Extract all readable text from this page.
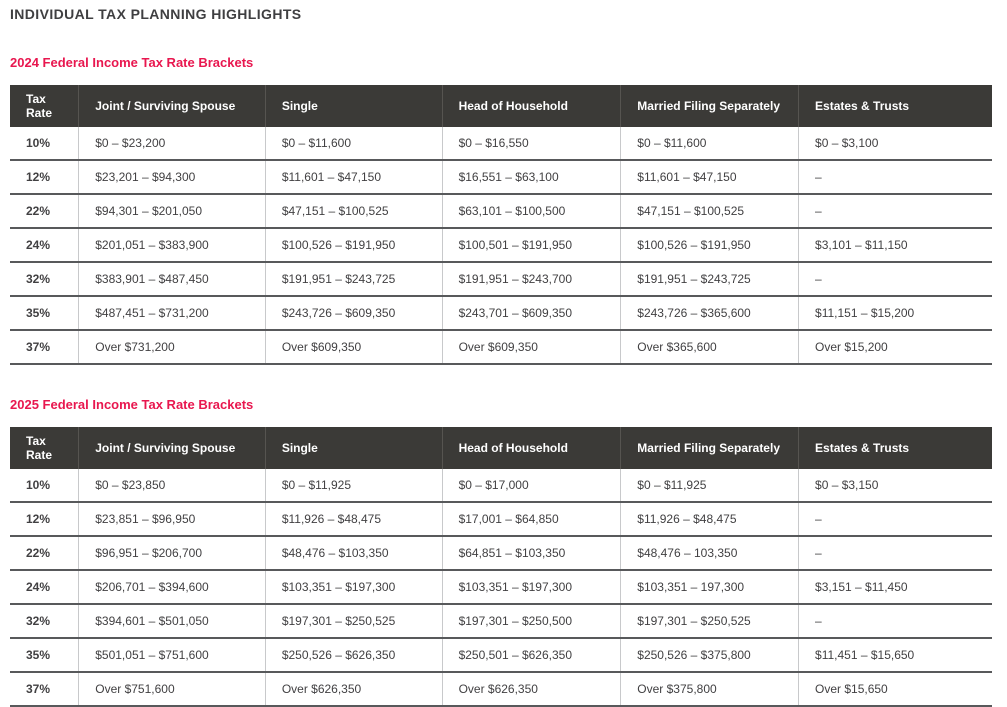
INDIVIDUAL TAX PLANNING HIGHLIGHTS
2024 Federal Income Tax Rate Brackets
Tax Rate	Joint / Surviving Spouse	Single	Head of Household	Married Filing Separately	Estates & Trusts
10%	$0 – $23,200	$0 – $11,600	$0 – $16,550	$0 – $11,600	$0 – $3,100
12%	$23,201 – $94,300	$11,601 – $47,150	$16,551 – $63,100	$11,601 – $47,150	–
22%	$94,301 – $201,050	$47,151 – $100,525	$63,101 – $100,500	$47,151 – $100,525	–
24%	$201,051 – $383,900	$100,526 – $191,950	$100,501 – $191,950	$100,526 – $191,950	$3,101 – $11,150
32%	$383,901 – $487,450	$191,951 – $243,725	$191,951 – $243,700	$191,951 – $243,725	–
35%	$487,451 – $731,200	$243,726 – $609,350	$243,701 – $609,350	$243,726 – $365,600	$11,151 – $15,200
37%	Over $731,200	Over $609,350	Over $609,350	Over $365,600	Over $15,200
2025 Federal Income Tax Rate Brackets
Tax Rate	Joint / Surviving Spouse	Single	Head of Household	Married Filing Separately	Estates & Trusts
10%	$0 – $23,850	$0 – $11,925	$0 – $17,000	$0 – $11,925	$0 – $3,150
12%	$23,851 – $96,950	$11,926 – $48,475	$17,001 – $64,850	$11,926 – $48,475	–
22%	$96,951 – $206,700	$48,476 – $103,350	$64,851 – $103,350	$48,476 – 103,350	–
24%	$206,701 – $394,600	$103,351 – $197,300	$103,351 – $197,300	$103,351 – 197,300	$3,151 – $11,450
32%	$394,601 – $501,050	$197,301 – $250,525	$197,301 – $250,500	$197,301 – $250,525	–
35%	$501,051 – $751,600	$250,526 – $626,350	$250,501 – $626,350	$250,526 – $375,800	$11,451 – $15,650
37%	Over $751,600	Over $626,350	Over $626,350	Over $375,800	Over $15,650
